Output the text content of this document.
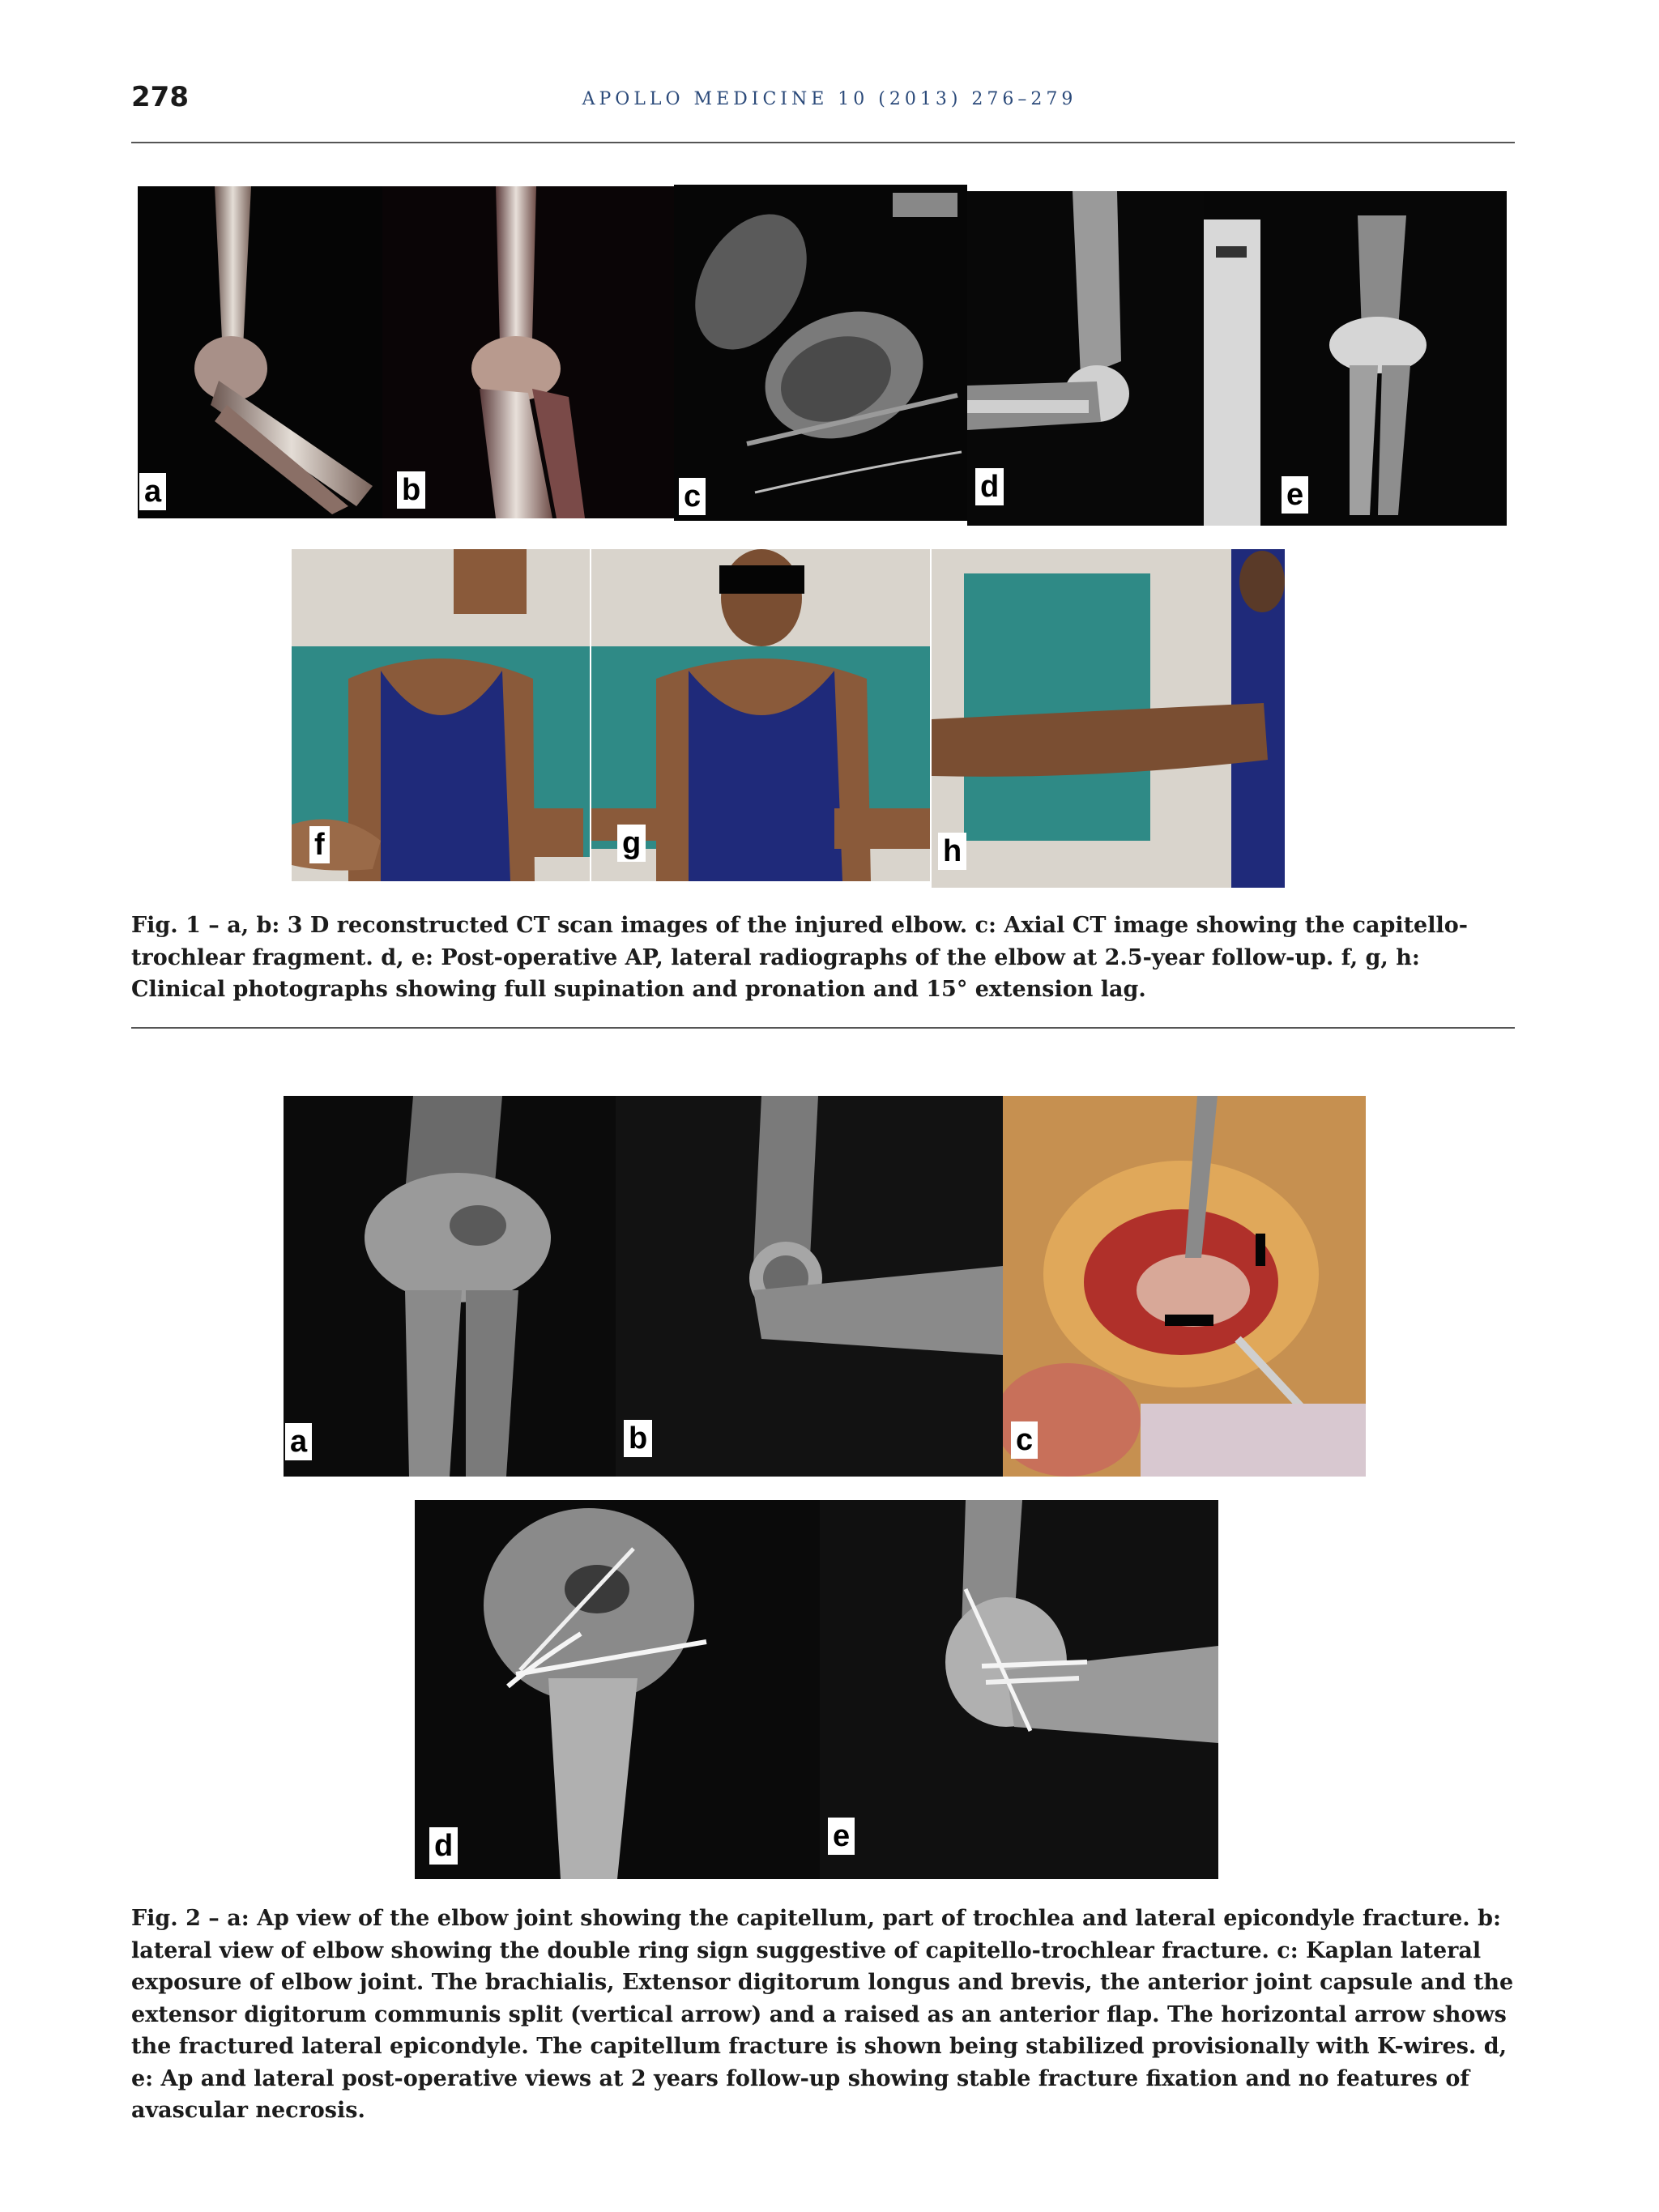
278	APOLLO MEDICINE 10 (2013) 276–279
a	b	c	d	e
f	g	h
Fig. 1 – a, b: 3 D reconstructed CT scan images of the injured elbow. c: Axial CT image showing the capitello-trochlear fragment. d, e: Post-operative AP, lateral radiographs of the elbow at 2.5-year follow-up. f, g, h: Clinical photographs showing full supination and pronation and 15° extension lag.
a	b	c
d	e
Fig. 2 – a: Ap view of the elbow joint showing the capitellum, part of trochlea and lateral epicondyle fracture. b: lateral view of elbow showing the double ring sign suggestive of capitello-trochlear fracture. c: Kaplan lateral exposure of elbow joint. The brachialis, Extensor digitorum longus and brevis, the anterior joint capsule and the extensor digitorum communis split (vertical arrow) and a raised as an anterior flap. The horizontal arrow shows the fractured lateral epicondyle. The capitellum fracture is shown being stabilized provisionally with K-wires. d, e: Ap and lateral post-operative views at 2 years follow-up showing stable fracture fixation and no features of avascular necrosis.
